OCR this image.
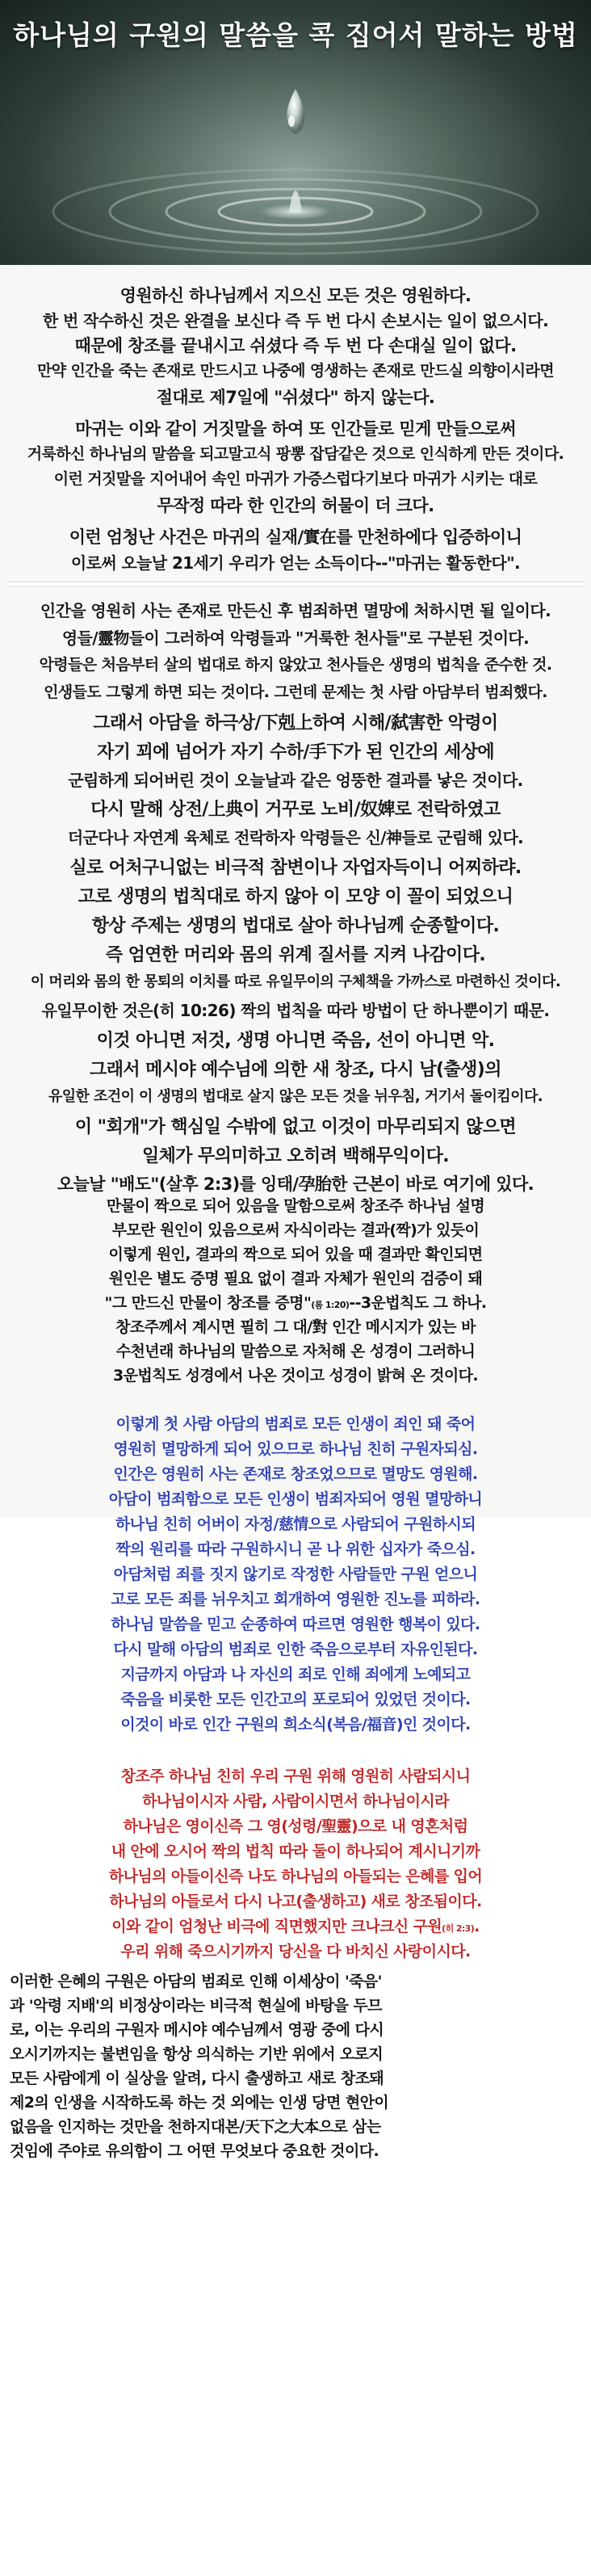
하나님의 구원의 말씀을 콕 집어서 말하는 방법
영원하신 하나님께서 지으신 모든 것은 영원하다.
한 번 작수하신 것은 완결을 보신다 즉 두 번 다시 손보시는 일이 없으시다.
때문에 창조를 끝내시고 쉬셨다 즉 두 번 다 손대실 일이 없다.
만약 인간을 죽는 존재로 만드시고 나중에 영생하는 존재로 만드실 의향이시라면
절대로 제7일에 "쉬셨다" 하지 않는다.
마귀는 이와 같이 거짓말을 하여 또 인간들로 믿게 만들으로써
거룩하신 하나님의 말씀을 되고말고식 팡뽕 잡담같은 것으로 인식하게 만든 것이다.
이런 거짓말을 지어내어 속인 마귀가 가증스럽다기보다 마귀가 시키는 대로
무작정 따라 한 인간의 허물이 더 크다.
이런 엄청난 사건은 마귀의 실재/實在를 만천하에다 입증하이니
이로써 오늘날 21세기 우리가 얻는 소득이다--"마귀는 활동한다".
인간을 영원히 사는 존재로 만든신 후 범죄하면 멸망에 처하시면 될 일이다.
영들/靈物들이 그러하여 악령들과 "거룩한 천사들"로 구분된 것이다.
악령들은 처음부터 살의 법대로 하지 않았고 천사들은 생명의 법칙을 준수한 것.
인생들도 그렇게 하면 되는 것이다. 그런데 문제는 첫 사람 아담부터 범죄했다.
그래서 아담을 하극상/下剋上하여 시해/弑害한 악령이
자기 꾀에 넘어가 자기 수하/手下가 된 인간의 세상에
군림하게 되어버린 것이 오늘날과 같은 엉뚱한 결과를 낳은 것이다.
다시 말해 상전/上典이 거꾸로 노비/奴婢로 전락하였고
더군다나 자연계 육체로 전락하자 악령들은 신/神들로 군림해 있다.
실로 어처구니없는 비극적 참변이나 자업자득이니 어찌하랴.
고로 생명의 법칙대로 하지 않아 이 모양 이 꼴이 되었으니
항상 주제는 생명의 법대로 살아 하나님께 순종할이다.
즉 엄연한 머리와 몸의 위계 질서를 지켜 나감이다.
이 머리와 몸의 한 몽퇴의 이치를 따로 유일무이의 구체책을 가까스로 마련하신 것이다.
유일무이한 것은(히 10:26) 짝의 법칙을 따라 방법이 단 하나뿐이기 때문.
이것 아니면 저것, 생명 아니면 죽음, 선이 아니면 악.
그래서 메시야 예수님에 의한 새 창조, 다시 남(출생)의
유일한 조건이 이 생명의 법대로 살지 않은 모든 것을 뉘우침, 거기서 돌이킴이다.
이 "회개"가 핵심일 수밖에 없고 이것이 마무리되지 않으면
일체가 무의미하고 오히려 백해무익이다.
오늘날 "배도"(살후 2:3)를 잉태/孕胎한 근본이 바로 여기에 있다.
만물이 짝으로 되어 있음을 말함으로써 창조주 하나님 설명
부모란 원인이 있음으로써 자식이라는 결과(짝)가 있듯이
이렇게 원인, 결과의 짝으로 되어 있을 때 결과만 확인되면
원인은 별도 증명 필요 없이 결과 자체가 원인의 검증이 돼
"그 만드신 만물이 창조를 증명"(롬 1:20)--3운법칙도 그 하나.
창조주께서 계시면 필히 그 대/對 인간 메시지가 있는 바
수천년래 하나님의 말씀으로 자처해 온 성경이 그러하니
3운법칙도 성경에서 나온 것이고 성경이 밝혀 온 것이다.
이렇게 첫 사람 아담의 범죄로 모든 인생이 죄인 돼 죽어
영원히 멸망하게 되어 있으므로 하나님 친히 구원자되심.
인간은 영원히 사는 존재로 창조었으므로 멸망도 영원해.
아담이 범죄함으로 모든 인생이 범죄자되어 영원 멸망하니
하나님 친히 어버이 자정/慈情으로 사람되어 구원하시되
짝의 원리를 따라 구원하시니 곧 나 위한 십자가 죽으심.
아담처럼 죄를 짓지 않기로 작정한 사람들만 구원 얻으니
고로 모든 죄를 뉘우치고 회개하여 영원한 진노를 피하라.
하나님 말씀을 믿고 순종하여 따르면 영원한 행복이 있다.
다시 말해 아담의 범죄로 인한 죽음으로부터 자유인된다.
지금까지 아담과 나 자신의 죄로 인해 죄에게 노예되고
죽음을 비롯한 모든 인간고의 포로되어 있었던 것이다.
이것이 바로 인간 구원의 희소식(복음/福音)인 것이다.
창조주 하나님 친히 우리 구원 위해 영원히 사람되시니
하나님이시자 사람, 사람이시면서 하나님이시라
하나님은 영이신즉 그 영(성령/聖靈)으로 내 영혼처럼
내 안에 오시어 짝의 법칙 따라 둘이 하나되어 계시니기까
하나님의 아들이신즉 나도 하나님의 아들되는 은혜를 입어
하나님의 아들로서 다시 나고(출생하고) 새로 창조됨이다.
이와 같이 엄청난 비극에 직면했지만 크나크신 구원(히 2:3).
우리 위해 죽으시기까지 당신을 다 바치신 사랑이시다.
이러한 은혜의 구원은 아담의 범죄로 인해 이세상이 '죽음'
과 '악령 지배'의 비정상이라는 비극적 현실에 바탕을 두므
로, 이는 우리의 구원자 메시야 예수님께서 영광 중에 다시
오시기까지는 불변임을 항상 의식하는 기반 위에서 오로지
모든 사람에게 이 실상을 알려, 다시 출생하고 새로 창조돼
제2의 인생을 시작하도록 하는 것 외에는 인생 당면 현안이
없음을 인지하는 것만을 천하지대본/天下之大本으로 삼는
것임에 주야로 유의함이 그 어떤 무엇보다 중요한 것이다.
